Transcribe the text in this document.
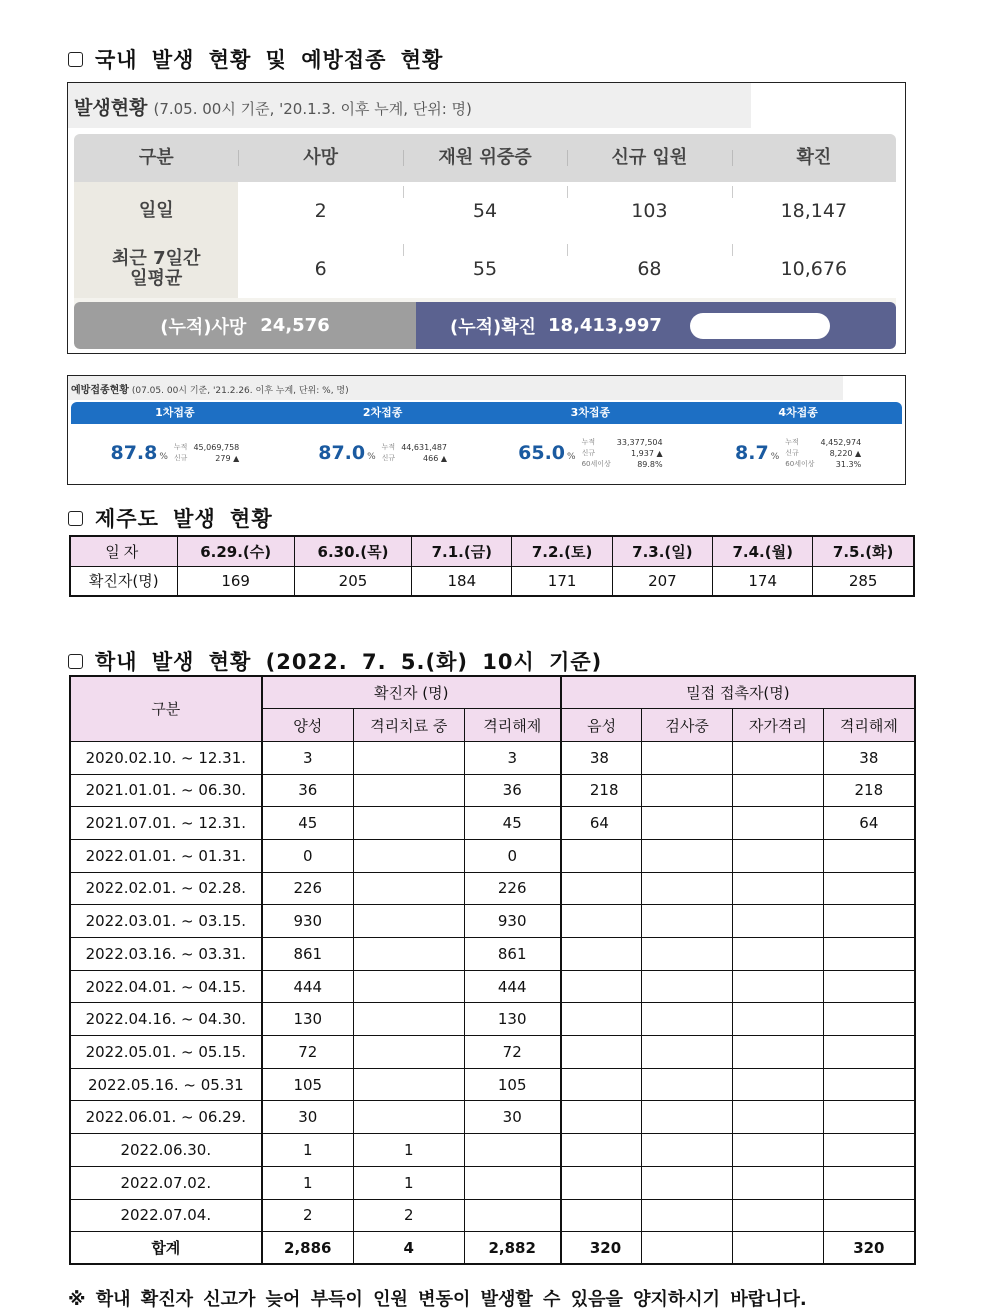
국내 발생 현황 및 예방접종 현황
발생현황 (7.05. 00시 기준, '20.1.3. 이후 누계, 단위: 명)
구분	사망	재원 위중증	신규 입원	확진
일일	2	54	103	18,147
최근 7일간
일평균	6	55	68	10,676
(누적)사망 24,576	(누적)확진 18,413,997
예방접종현황 (07.05. 00시 기준, '21.2.26. 이후 누계, 단위: %, 명)
1차접종	2차접종	3차접종	4차접종
87.8 %
누적 45,069,758
신규	279 ▲	87.0 %
누적 44,631,487
신규	466 ▲	65.0 %
누적	33,377,504
신규	1,937 ▲
60세이상	89.8%	8.7 %
누적	4,452,974
신규	8,220 ▲
60세이상	31.3%
제주도 발생 현황
일자	6.29.(수)	6.30.(목)	7.1.(금)	7.2.(토)	7.3.(일)	7.4.(월)	7.5.(화)
확진자(명)	169	205	184	171	207	174	285
학내 발생 현황 (2022. 7. 5.(화) 10시 기준)
구분	확진자 (명)			밀접 접촉자(명)			
	양성	격리치료 중	격리해제	음성	검사중	자가격리	격리해제
2020.02.10. ~ 12.31.	3		3	38			38
2021.01.01. ~ 06.30.	36		36	218			218
2021.07.01. ~ 12.31.	45		45	64			64
2022.01.01. ~ 01.31.	0		0				
2022.02.01. ~ 02.28.	226		226				
2022.03.01. ~ 03.15.	930		930				
2022.03.16. ~ 03.31.	861		861				
2022.04.01. ~ 04.15.	444		444				
2022.04.16. ~ 04.30.	130		130				
2022.05.01. ~ 05.15.	72		72				
2022.05.16. ~ 05.31	105		105				
2022.06.01. ~ 06.29.	30		30				
2022.06.30.	1	1					
2022.07.02.	1	1					
2022.07.04.	2	2					
합계	2,886	4	2,882	320			320
※ 학내 확진자 신고가 늦어 부득이 인원 변동이 발생할 수 있음을 양지하시기 바랍니다.
